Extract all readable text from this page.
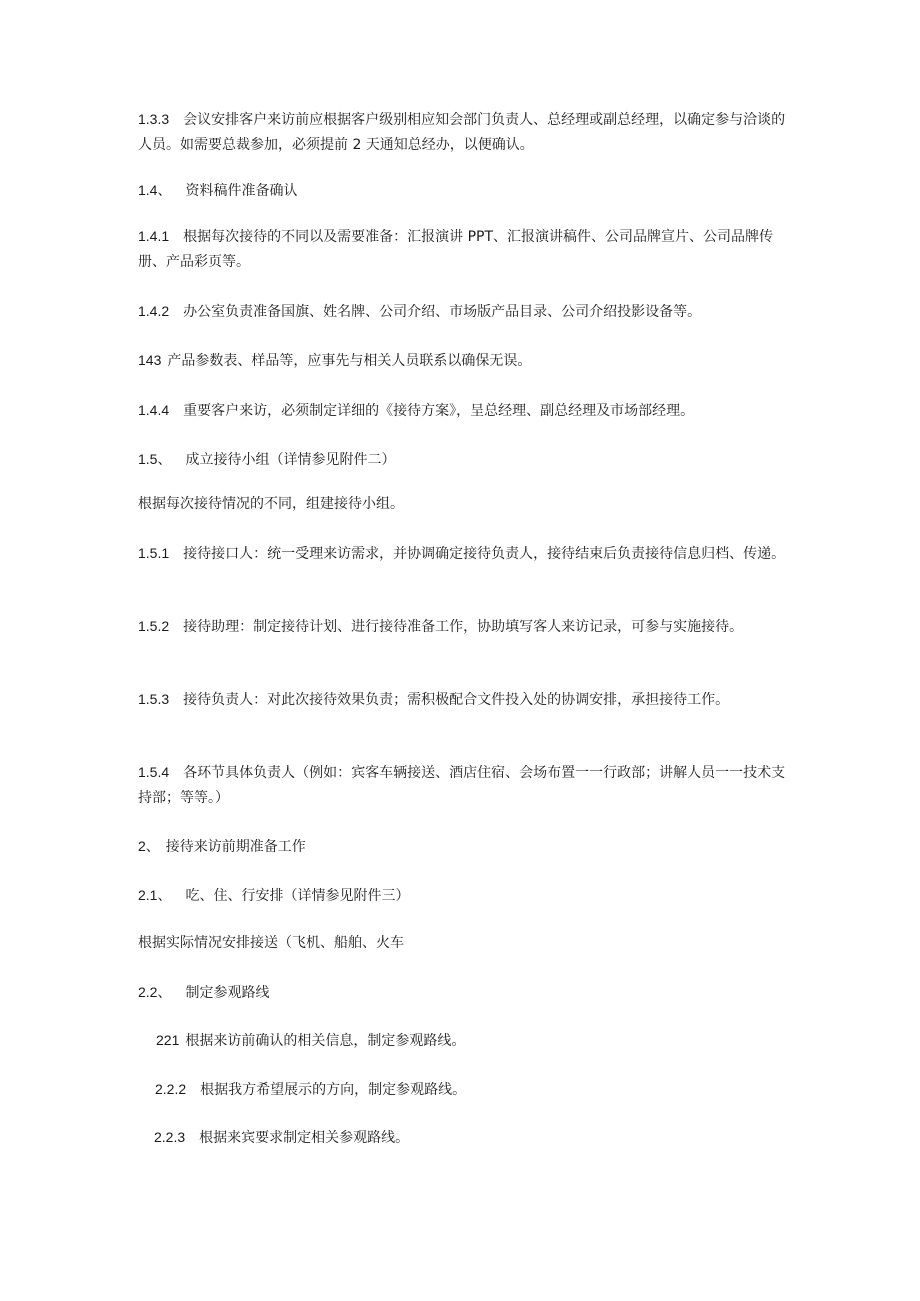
1.3.3 会议安排客户来访前应根据客户级别相应知会部门负责人、总经理或副总经理，以确定参与洽谈的人员。如需要总裁参加，必须提前 2 天通知总经办，以便确认。

1.4、 资料稿件准备确认

1.4.1 根据每次接待的不同以及需要准备：汇报演讲 PPT、汇报演讲稿件、公司品牌宣片、公司品牌传册、产品彩页等。

1.4.2 办公室负责准备国旗、姓名牌、公司介绍、市场版产品目录、公司介绍投影设备等。

143 产品参数表、样品等，应事先与相关人员联系以确保无误。

1.4.4 重要客户来访，必须制定详细的《接待方案》，呈总经理、副总经理及市场部经理。

1.5、 成立接待小组（详情参见附件二）

根据每次接待情况的不同，组建接待小组。

1.5.1 接待接口人：统一受理来访需求，并协调确定接待负责人，接待结束后负责接待信息归档、传递。

1.5.2 接待助理：制定接待计划、进行接待准备工作，协助填写客人来访记录，可参与实施接待。

1.5.3 接待负责人：对此次接待效果负责；需积极配合文件投入处的协调安排，承担接待工作。

1.5.4 各环节具体负责人（例如：宾客车辆接送、酒店住宿、会场布置一一行政部；讲解人员一一技术支持部；等等。）

2、 接待来访前期准备工作

2.1、 吃、住、行安排（详情参见附件三）

根据实际情况安排接送（飞机、船舶、火车

2.2、 制定参观路线

221 根据来访前确认的相关信息，制定参观路线。

2.2.2 根据我方希望展示的方向，制定参观路线。

2.2.3 根据来宾要求制定相关参观路线。
